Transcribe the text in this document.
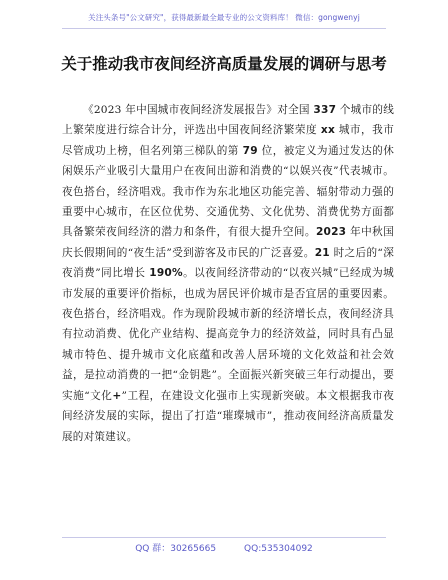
关注头条号"公文研究"，获得最新最全最专业的公文资料库！ 微信：gongwenyj
关于推动我市夜间经济高质量发展的调研与思考

《2023 年中国城市夜间经济发展报告》对全国 337 个城市的线上繁荣度进行综合计分，评选出中国夜间经济繁荣度 xx 城市，我市尽管成功上榜，但名列第三梯队的第 79 位，被定义为通过发达的休闲娱乐产业吸引大量用户在夜间出游和消费的“以娱兴夜”代表城市。夜色搭台，经济唱戏。我市作为东北地区功能完善、辐射带动力强的重要中心城市，在区位优势、交通优势、文化优势、消费优势方面都具备繁荣夜间经济的潜力和条件，有很大提升空间。2023 年中秋国庆长假期间的“夜生活”受到游客及市民的广泛喜爱。21 时之后的“深夜消费”同比增长 190%。以夜间经济带动的“以夜兴城”已经成为城市发展的重要评价指标，也成为居民评价城市是否宜居的重要因素。夜色搭台，经济唱戏。作为现阶段城市新的经济增长点，夜间经济具有拉动消费、优化产业结构、提高竞争力的经济效益，同时具有凸显城市特色、提升城市文化底蕴和改善人居环境的文化效益和社会效益，是拉动消费的一把“金钥匙”。全面振兴新突破三年行动提出，要实施“文化+”工程，在建设文化强市上实现新突破。本文根据我市夜间经济发展的实际，提出了打造“璀璨城市”，推动夜间经济高质量发展的对策建议。

QQ 群：30265665	QQ:535304092
